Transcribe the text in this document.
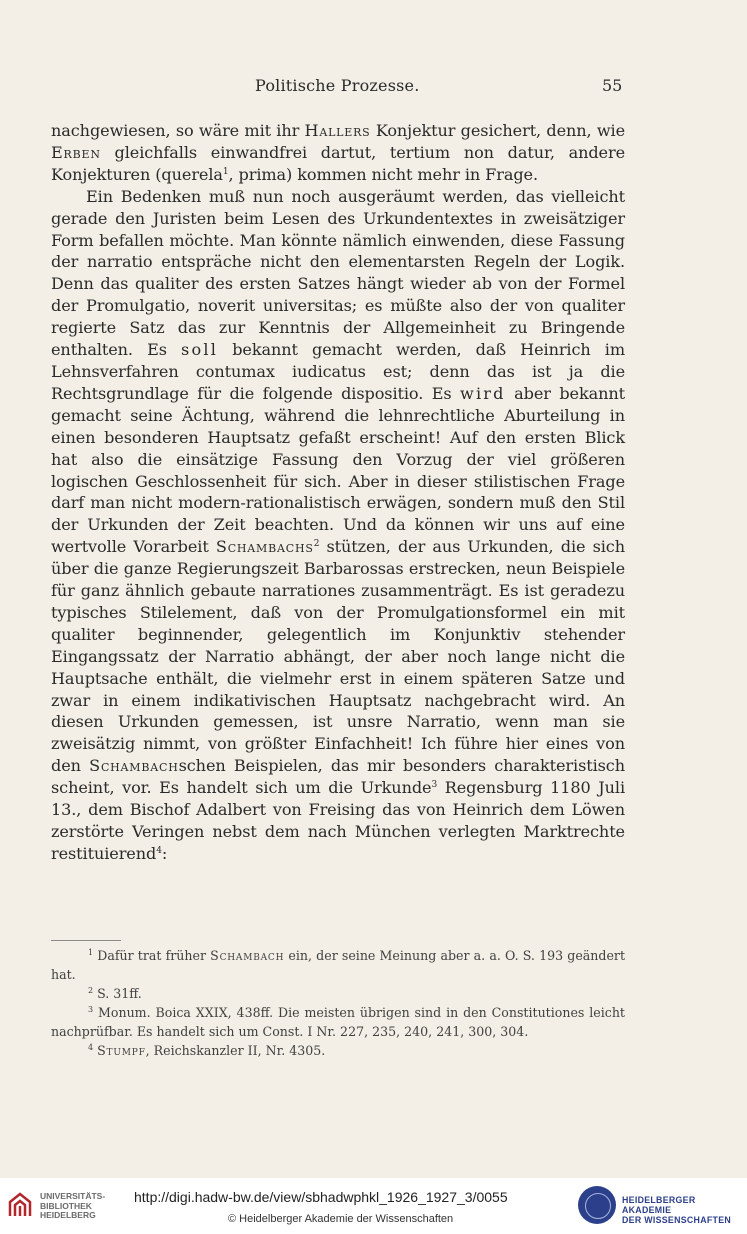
Politische Prozesse.	55

nachgewiesen, so wäre mit ihr Hallers Konjektur gesichert, denn, wie Erben gleichfalls einwandfrei dartut, tertium non datur, andere Konjekturen (querela$^1$, prima) kommen nicht mehr in Frage.

Ein Bedenken muß nun noch ausgeräumt werden, das vielleicht gerade den Juristen beim Lesen des Urkundentextes in zweisätziger Form befallen möchte. Man könnte nämlich einwenden, diese Fassung der narratio entspräche nicht den elementarsten Regeln der Logik. Denn das qualiter des ersten Satzes hängt wieder ab von der Formel der Promulgatio, noverit universitas; es müßte also der von qualiter regierte Satz das zur Kenntnis der Allgemeinheit zu Bringende enthalten. Es soll bekannt gemacht werden, daß Heinrich im Lehnsverfahren contumax iudicatus est; denn das ist ja die Rechtsgrundlage für die folgende dispositio. Es wird aber bekannt gemacht seine Ächtung, während die lehnrechtliche Aburteilung in einen besonderen Hauptsatz gefaßt erscheint! Auf den ersten Blick hat also die einsätzige Fassung den Vorzug der viel größeren logischen Geschlossenheit für sich. Aber in dieser stilistischen Frage darf man nicht modern-rationalistisch erwägen, sondern muß den Stil der Urkunden der Zeit beachten. Und da können wir uns auf eine wertvolle Vorarbeit Schambachs$^2$ stützen, der aus Urkunden, die sich über die ganze Regierungszeit Barbarossas erstrecken, neun Beispiele für ganz ähnlich gebaute narrationes zusammenträgt. Es ist geradezu typisches Stilelement, daß von der Promulgationsformel ein mit qualiter beginnender, gelegentlich im Konjunktiv stehender Eingangssatz der Narratio abhängt, der aber noch lange nicht die Hauptsache enthält, die vielmehr erst in einem späteren Satze und zwar in einem indikativischen Hauptsatz nachgebracht wird. An diesen Urkunden gemessen, ist unsre Narratio, wenn man sie zweisätzig nimmt, von größter Einfachheit! Ich führe hier eines von den Schambachschen Beispielen, das mir besonders charakteristisch scheint, vor. Es handelt sich um die Urkunde$^3$ Regensburg 1180 Juli 13., dem Bischof Adalbert von Freising das von Heinrich dem Löwen zerstörte Veringen nebst dem nach München verlegten Marktrechte restituierend$^4$:

$^1$ Dafür trat früher Schambach ein, der seine Meinung aber a. a. O. S. 193 geändert hat.

$^2$ S. 31ff.

$^3$ Monum. Boica XXIX, 438ff. Die meisten übrigen sind in den Constitutiones leicht nachprüfbar. Es handelt sich um Const. I Nr. 227, 235, 240, 241, 300, 304.

$^4$ Stumpf, Reichskanzler II, Nr. 4305.

UNIVERSITÄTS-
BIBLIOTHEK
HEIDELBERG
http://digi.hadw-bw.de/view/sbhadwphkl_1926_1927_3/0055
© Heidelberger Akademie der Wissenschaften
HEIDELBERGER AKADEMIE
DER WISSENSCHAFTEN
